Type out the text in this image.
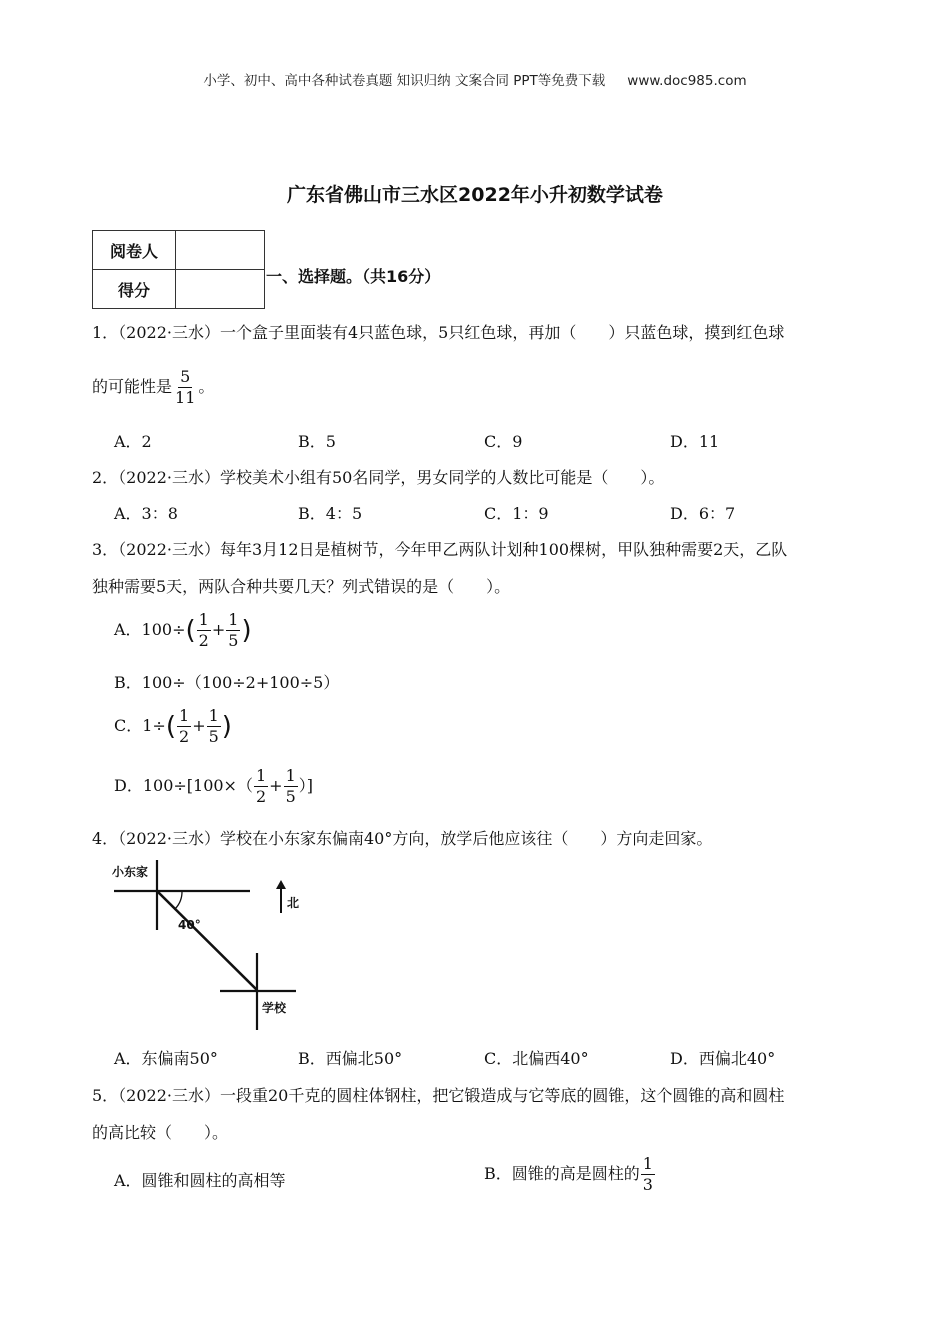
小学、初中、高中各种试卷真题 知识归纳 文案合同 PPT等免费下载 www.doc985.com
广东省佛山市三水区2022年小升初数学试卷
阅卷人	
得分	
一、选择题。（共16分）
1．（2022·三水）一个盒子里面装有4只蓝色球，5只红色球，再加（　　）只蓝色球，摸到红色球
的可能性是 $\frac{5}{11}$ 。
A．2	B．5	C．9	D．11
2．（2022·三水）学校美术小组有50名同学，男女同学的人数比可能是（　　）。
A．3：8	B．4：5	C．1：9	D．6：7
3．（2022·三水）每年3月12日是植树节，今年甲乙两队计划种100棵树，甲队独种需要2天，乙队
独种需要5天，两队合种共要几天？列式错误的是（　　）。
A．$100\div( \frac{1}{2} + \frac{1}{5}$ )
B．100÷（100÷2+100÷5）
C．$1\div( \frac{1}{2} + \frac{1}{5}$ )
D．$100\div[100\times( \frac{1}{2} + \frac{1}{5}$ ）]
4．（2022·三水）学校在小东家东偏南40°方向，放学后他应该往（　　）方向走回家。
小东家
40°
北
学校
A．东偏南50°	B．西偏北50°	C．北偏西40°	D．西偏北40°
5．（2022·三水）一段重20千克的圆柱体钢柱，把它锻造成与它等底的圆锥，这个圆锥的高和圆柱
的高比较（　　）。
A．圆锥和圆柱的高相等	B．圆锥的高是圆柱的 $\frac{1}{3}$
